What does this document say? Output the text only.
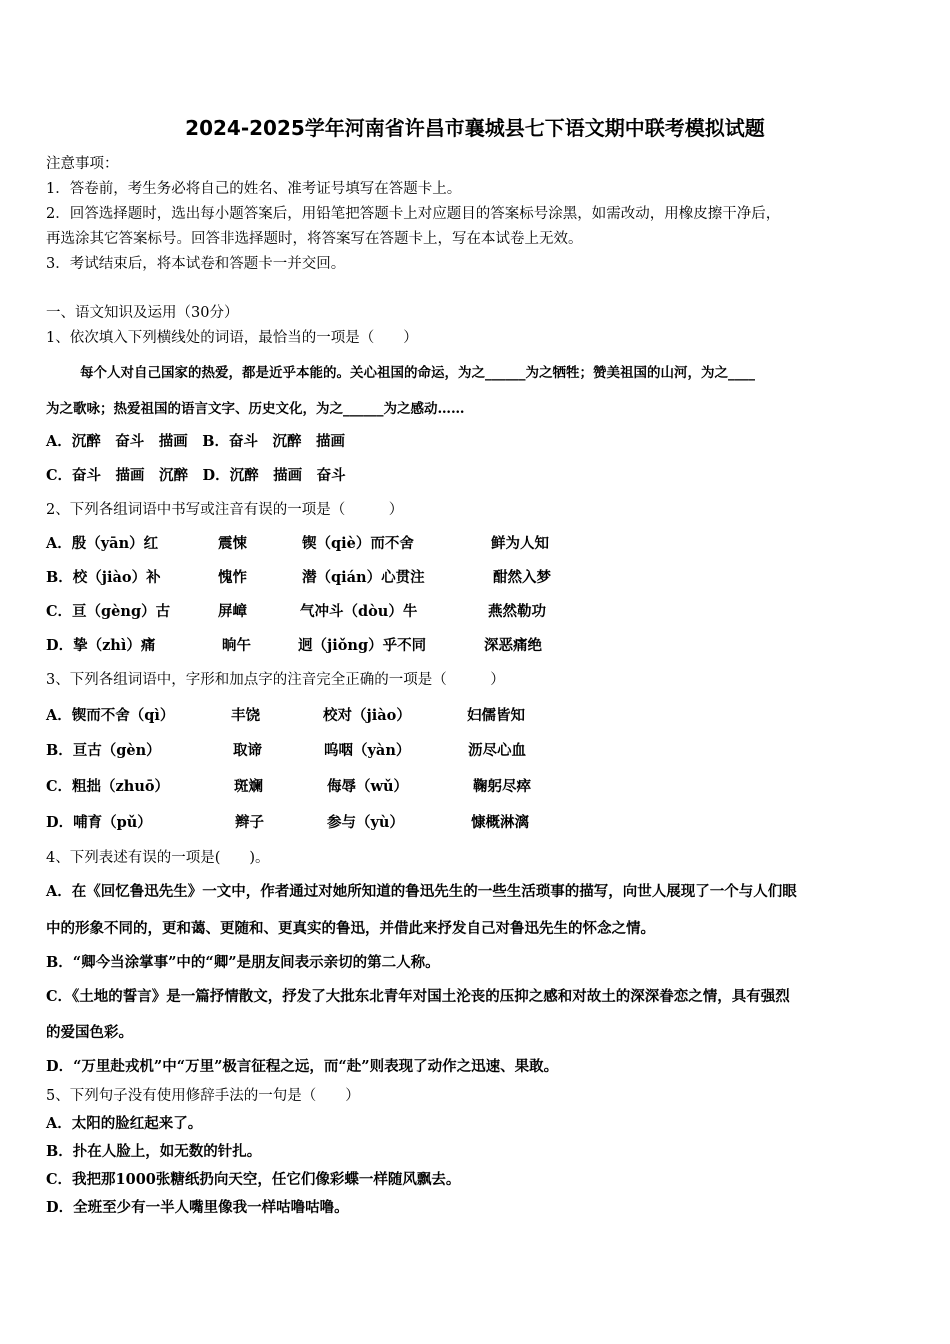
2024-2025学年河南省许昌市襄城县七下语文期中联考模拟试题
注意事项：
1．答卷前，考生务必将自己的姓名、准考证号填写在答题卡上。
2．回答选择题时，选出每小题答案后，用铅笔把答题卡上对应题目的答案标号涂黑，如需改动，用橡皮擦干净后，
再选涂其它答案标号。回答非选择题时，将答案写在答题卡上，写在本试卷上无效。
3．考试结束后，将本试卷和答题卡一并交回。
一、语文知识及运用（30分）
1、依次填入下列横线处的词语，最恰当的一项是（　　）
每个人对自己国家的热爱，都是近乎本能的。关心祖国的命运，为之______为之牺牲；赞美祖国的山河，为之____
为之歌咏；热爱祖国的语言文字、历史文化，为之______为之感动……
A．沉醉　奋斗　描画　B．奋斗　沉醉　描画
C．奋斗　描画　沉醉　D．沉醉　描画　奋斗
2、下列各组词语中书写或注音有误的一项是（　　　）
A．殷（yān）红	震悚	锲（qiè）而不舍	鲜为人知
B．校（jiào）补	愧怍	潜（qián）心贯注	酣然入梦
C．亘（gèng）古	屏嶂	气冲斗（dòu）牛	燕然勒功
D．挚（zhì）痛	晌午	迥（jiǒng）乎不同	深恶痛绝
3、下列各组词语中，字形和加点字的注音完全正确的一项是（　　　）
A．锲而不舍（qì）	丰饶	校对（jiào）	妇儒皆知
B．亘古（gèn）	取谛	呜咽（yàn）	沥尽心血
C．粗拙（zhuō）	斑斓	侮辱（wǔ）	鞠躬尽瘁
D．哺育（pǔ）	辫子	参与（yù）	慷概淋漓
4、下列表述有误的一项是(　　)。
A．在《回忆鲁迅先生》一文中，作者通过对她所知道的鲁迅先生的一些生活琐事的描写，向世人展现了一个与人们眼
中的形象不同的，更和蔼、更随和、更真实的鲁迅，并借此来抒发自己对鲁迅先生的怀念之情。
B．“卿今当涂掌事”中的“卿”是朋友间表示亲切的第二人称。
C．《土地的誓言》是一篇抒情散文，抒发了大批东北青年对国土沦丧的压抑之感和对故土的深深眷恋之情，具有强烈
的爱国色彩。
D．“万里赴戎机”中“万里”极言征程之远，而“赴”则表现了动作之迅速、果敢。
5、下列句子没有使用修辞手法的一句是（　　）
A．太阳的脸红起来了。
B．扑在人脸上，如无数的针扎。
C．我把那1000张糖纸扔向天空，任它们像彩蝶一样随风飘去。
D．全班至少有一半人嘴里像我一样咕噜咕噜。
